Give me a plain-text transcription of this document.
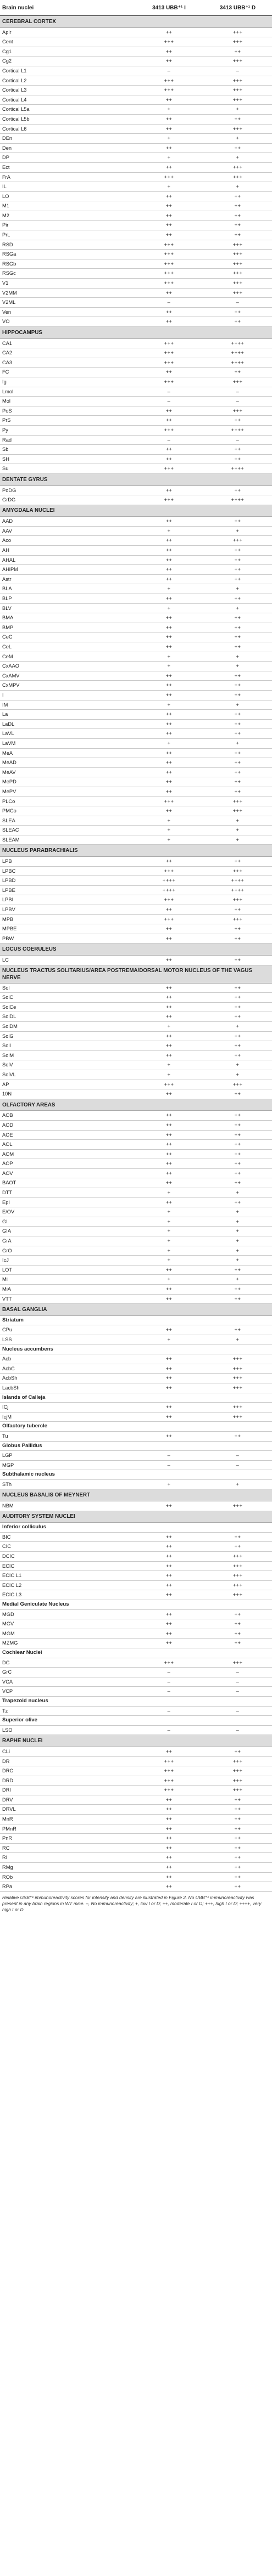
Brain nuclei	3413 UBB⁺¹ I	3413 UBB⁺¹ D
CEREBRAL CORTEX		
Apir	++	+++
Cent	+++	+++
Cg1	++	++
Cg2	++	+++
Cortical L1	–	–
Cortical L2	+++	+++
Cortical L3	+++	+++
Cortical L4	++	+++
Cortical L5a	+	+
Cortical L5b	++	++
Cortical L6	++	+++
DEn	+	+
Den	++	++
DP	+	+
Ect	++	+++
FrA	+++	+++
IL	+	+
LO	++	++
M1	++	++
M2	++	++
Pir	++	++
PrL	++	++
RSD	+++	+++
RSGa	+++	+++
RSGb	+++	+++
RSGc	+++	+++
V1	+++	+++
V2MM	++	+++
V2ML	–	–
Ven	++	++
VO	++	++
HIPPOCAMPUS		
CA1	+++	++++
CA2	+++	++++
CA3	+++	++++
FC	++	++
Ig	+++	+++
Lmol	–	–
Mol	–	–
PoS	++	+++
PrS	++	++
Py	+++	++++
Rad	–	–
Sb	++	++
SH	++	++
Su	+++	++++
DENTATE GYRUS		
PoDG	++	++
GrDG	+++	++++
AMYGDALA NUCLEI		
AAD	++	++
AAV	+	+
Aco	++	+++
AH	++	++
AHAL	++	++
AHiPM	++	++
Astr	++	++
BLA	+	+
BLP	++	++
BLV	+	+
BMA	++	++
BMP	++	++
CeC	++	++
CeL	++	++
CeM	+	+
CxAAO	+	+
CxAMV	++	++
CxMPV	++	++
I	++	++
IM	+	+
La	++	++
LaDL	++	++
LaVL	++	++
LaVM	+	+
MeA	++	++
MeAD	++	++
MeAV	++	++
MePD	++	++
MePV	++	++
PLCo	+++	+++
PMCo	++	+++
SLEA	+	+
SLEAC	+	+
SLEAM	+	+
NUCLEUS PARABRACHIALIS		
LPB	++	++
LPBC	+++	+++
LPBD	++++	++++
LPBE	++++	++++
LPBI	+++	+++
LPBV	++	++
MPB	+++	+++
MPBE	++	++
PBW	++	++
LOCUS COERULEUS		
LC	++	++
NUCLEUS TRACTUS SOLITARIUS/AREA POSTREMA/DORSAL MOTOR NUCLEUS OF THE VAGUS NERVE		
Sol	++	++
SolC	++	++
SolCe	++	++
SolDL	++	++
SolDM	+	+
SolG	++	++
SolI	++	++
SolM	++	++
SolV	+	+
SolVL	+	+
AP	+++	+++
10N	++	++
OLFACTORY AREAS		
AOB	++	++
AOD	++	++
AOE	++	++
AOL	++	++
AOM	++	++
AOP	++	++
AOV	++	++
BAOT	++	++
DTT	+	+
EpI	++	++
E/OV	+	+
GI	+	+
GIA	+	+
GrA	+	+
GrO	+	+
IcJ	+	+
LOT	++	++
Mi	+	+
MiA	++	++
VTT	++	++
BASAL GANGLIA		
Striatum		
CPu	++	++
LSS	+	+
Nucleus accumbens		
Acb	++	+++
AcbC	++	+++
AcbSh	++	+++
LacbSh	++	+++
Islands of Calleja		
ICj	++	+++
IcjM	++	+++
Olfactory tubercle		
Tu	++	++
Globus Pallidus		
LGP	–	–
MGP	–	–
Subthalamic nucleus		
STh	+	+
NUCLEUS BASALIS OF MEYNERT		
NBM	++	+++
AUDITORY SYSTEM NUCLEI		
Inferior colliculus		
BIC	++	++
CIC	++	++
DCIC	++	+++
ECIC	++	+++
ECIC L1	++	+++
ECIC L2	++	+++
ECIC L3	++	+++
Medial Geniculate Nucleus		
MGD	++	++
MGV	++	++
MGM	++	++
MZMG	++	++
Cochlear Nuclei		
DC	+++	+++
GrC	–	–
VCA	–	–
VCP	–	–
Trapezoid nucleus		
Tz	–	–
Superior olive		
LSO	–	–
RAPHE NUCLEI		
CLi	++	++
DR	+++	+++
DRC	+++	+++
DRD	+++	+++
DRI	+++	+++
DRV	++	++
DRVL	++	++
MnR	++	++
PMnR	++	++
PnR	++	++
RC	++	++
RI	++	++
RMg	++	++
ROb	++	++
RPa	++	++
Relative UBB⁺¹ immunoreactivity scores for intensity and density are illustrated in Figure 2. No UBB⁺¹ immunoreactivity was present in any brain regions in WT mice. –, No immunoreactivity; +, low I or D; ++, moderate I or D; +++, high I or D; ++++, very high I or D.
